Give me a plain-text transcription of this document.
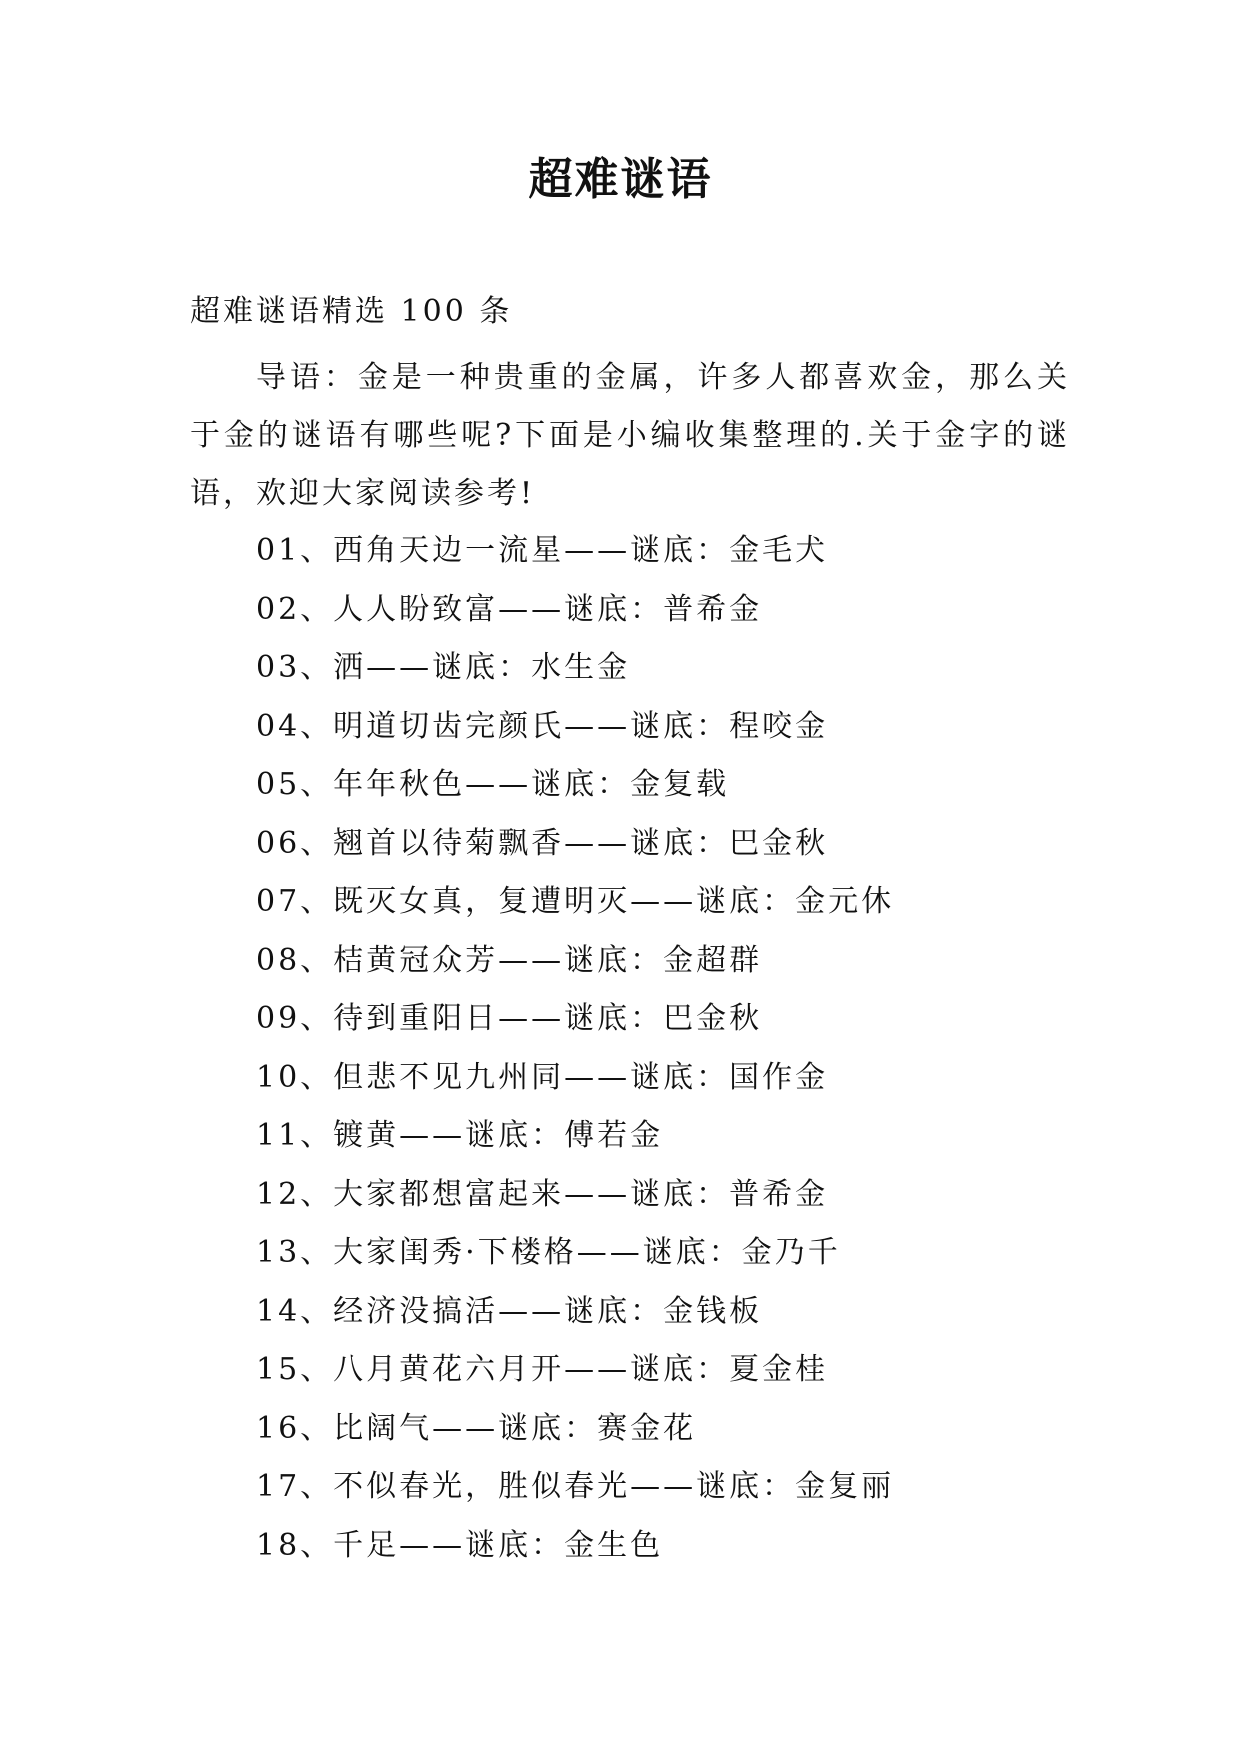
超难谜语
超难谜语精选 100 条

导语：金是一种贵重的金属，许多人都喜欢金，那么关于金的谜语有哪些呢?下面是小编收集整理的.关于金字的谜语，欢迎大家阅读参考!

01、西角天边一流星——谜底：金毛犬
02、人人盼致富——谜底：普希金
03、洒——谜底：水生金
04、明道切齿完颜氏——谜底：程咬金
05、年年秋色——谜底：金复载
06、翘首以待菊飘香——谜底：巴金秋
07、既灭女真，复遭明灭——谜底：金元休
08、桔黄冠众芳——谜底：金超群
09、待到重阳日——谜底：巴金秋
10、但悲不见九州同——谜底：国作金
11、镀黄——谜底：傅若金
12、大家都想富起来——谜底：普希金
13、大家闺秀·下楼格——谜底：金乃千
14、经济没搞活——谜底：金钱板
15、八月黄花六月开——谜底：夏金桂
16、比阔气——谜底：赛金花
17、不似春光，胜似春光——谜底：金复丽
18、千足——谜底：金生色
